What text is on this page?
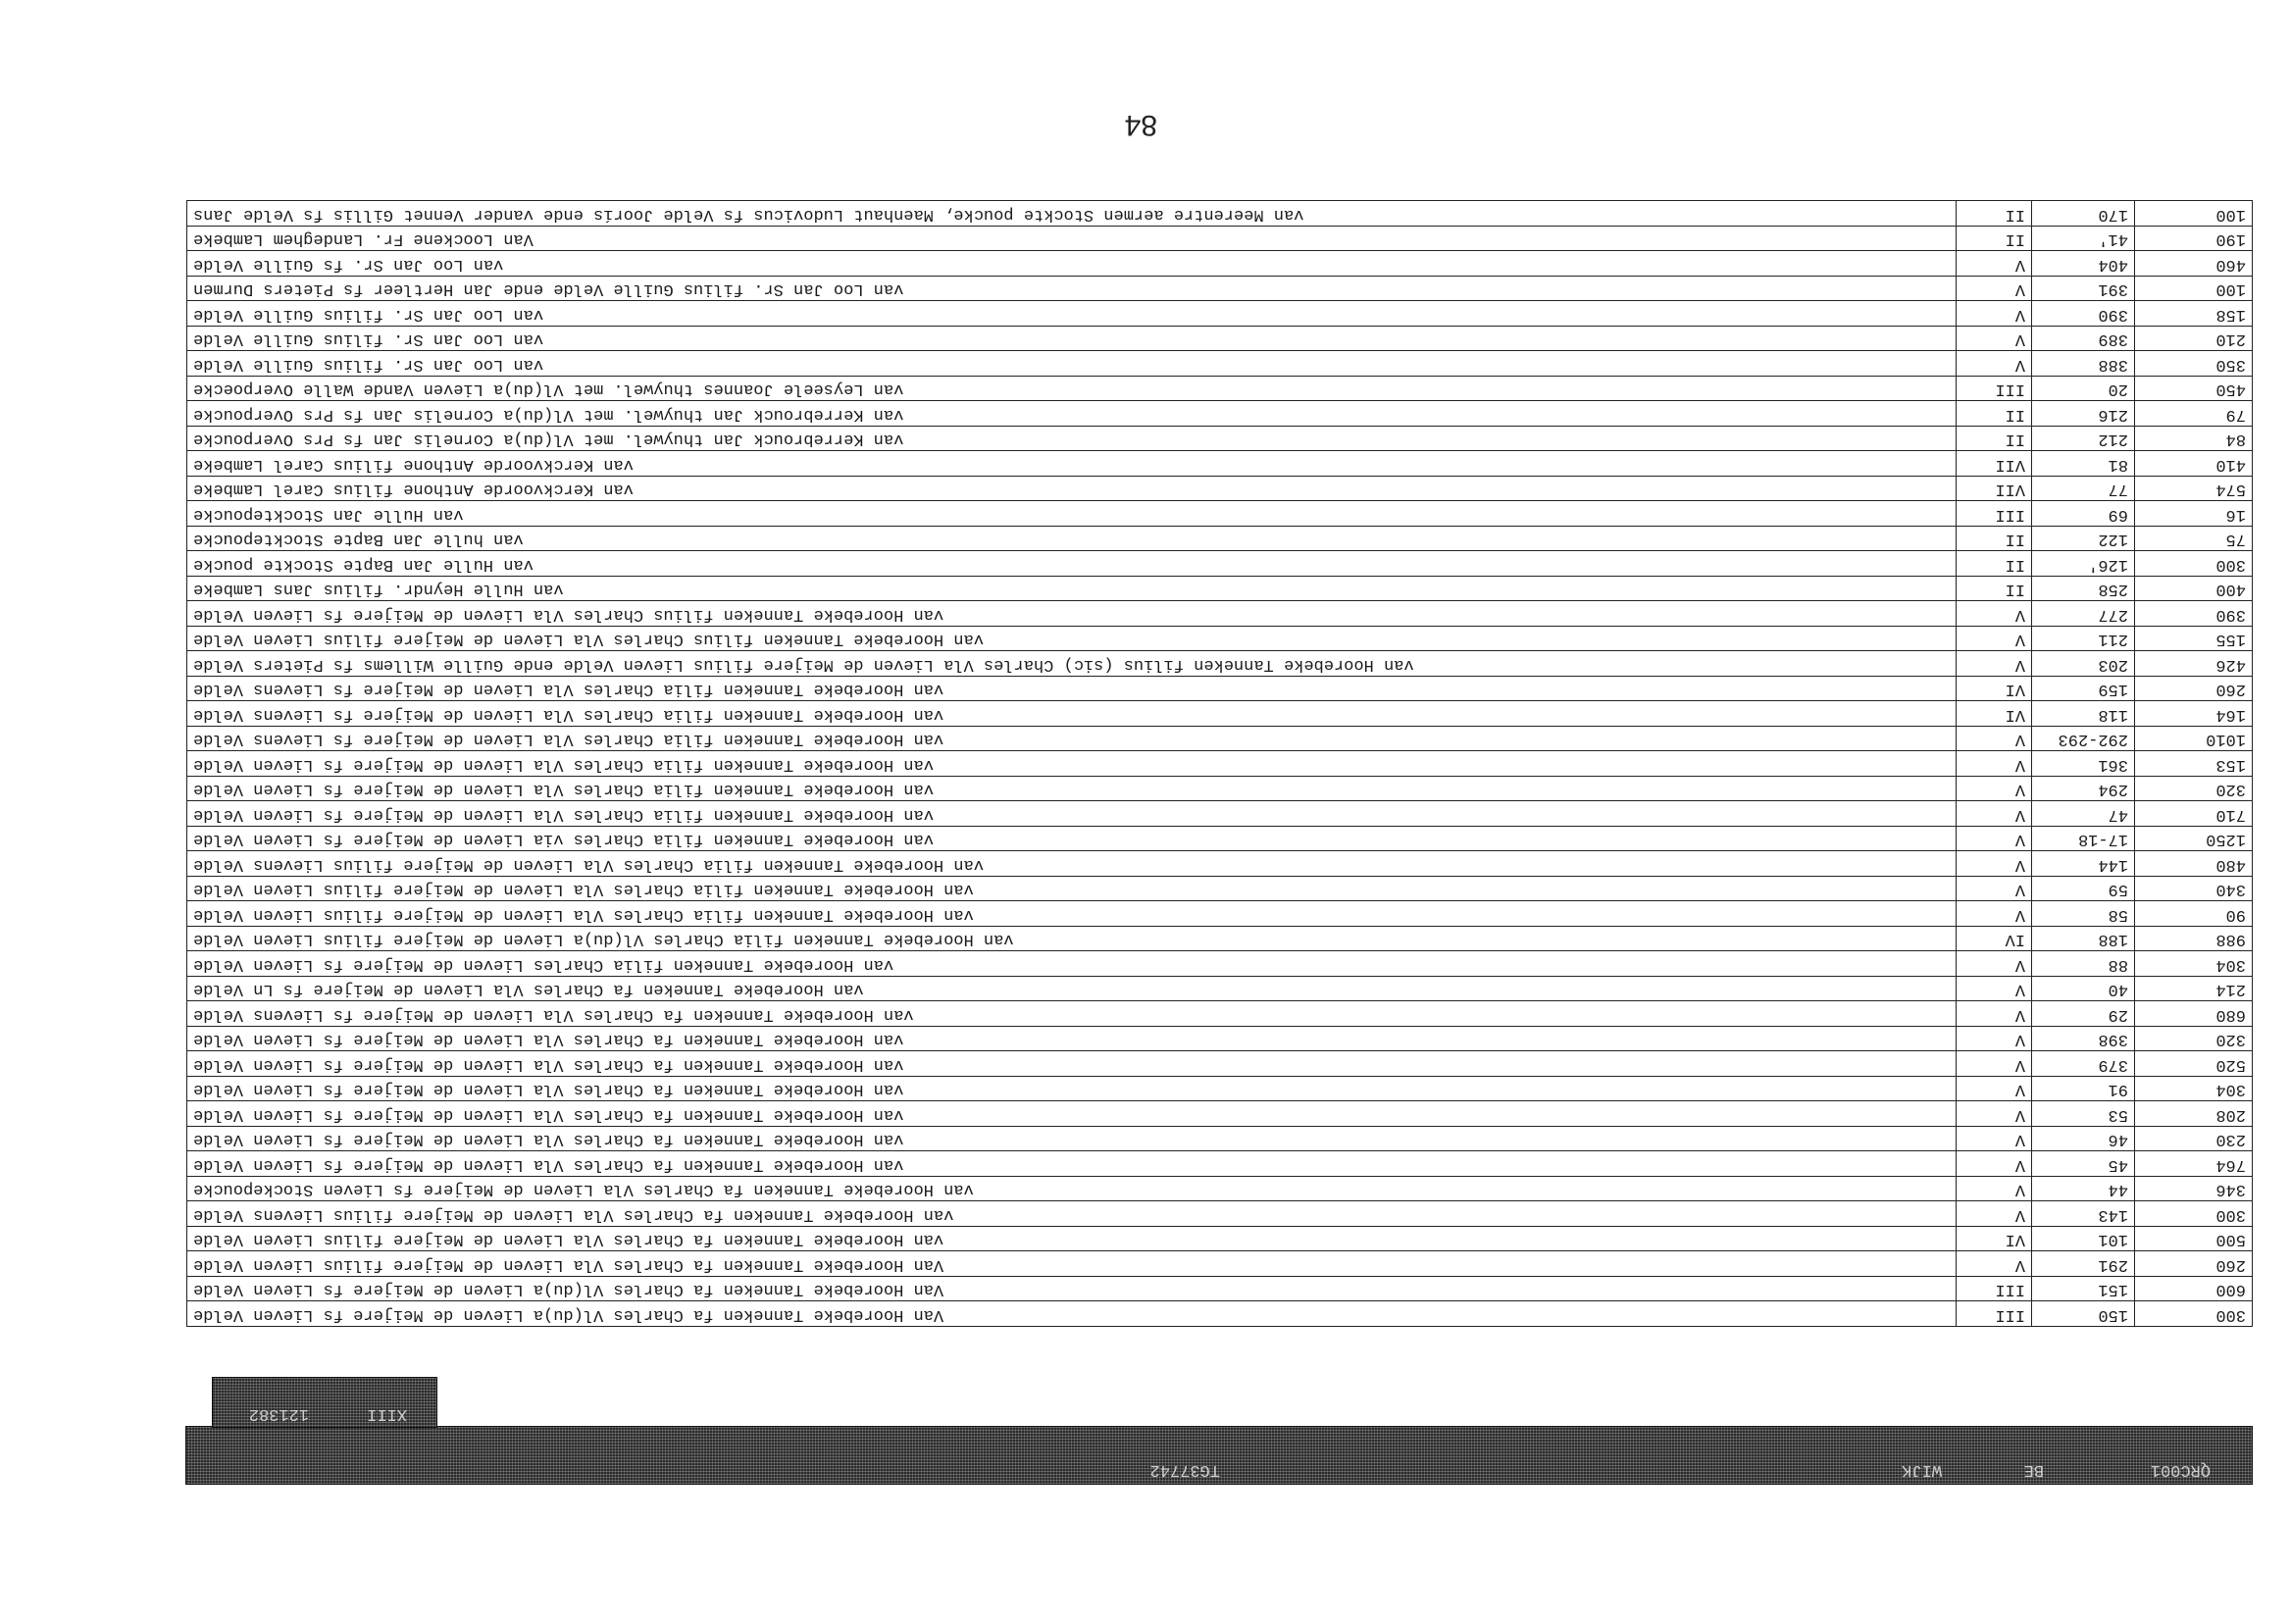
QRC001
BE
WIJK
TG37742
XIII
121382
300	150	III	Van Hoorebeke Tanneken fa Charles Vl(du)a Lieven de Meijere fs Lieven Velde
600	151	III	Van Hoorebeke Tanneken fa Charles Vl(du)a Lieven de Meijere fs Lieven Velde
260	291	V	Van Hoorebeke Tanneken fa Charles Vla Lieven de Meijere filius Lieven Velde
500	101	VI	van Hoorebeke Tanneken fa Charles Vla Lieven de Meijere filius Lieven Velde
300	143	V	van Hoorebeke Tanneken fa Charles Vla Lieven de Meijere filius Lievens Velde
346	44	V	van Hoorebeke Tanneken fa Charles Vla Lieven de Meijere fs Lieven Stockepoucke
764	45	V	van Hoorebeke Tanneken fa Charles Vla Lieven de Meijere fs Lieven Velde
230	46	V	van Hoorebeke Tanneken fa Charles Vla Lieven de Meijere fs Lieven Velde
208	53	V	van Hoorebeke Tanneken fa Charles Vla Lieven de Meijere fs Lieven Velde
304	91	V	van Hoorebeke Tanneken fa Charles Vla Lieven de Meijere fs Lieven Velde
520	379	V	van Hoorebeke Tanneken fa Charles Vla Lieven de Meijere fs Lieven Velde
320	398	V	van Hoorebeke Tanneken fa Charles Vla Lieven de Meijere fs Lieven Velde
680	29	V	van Hoorebeke Tanneken fa Charles Vla Lieven de Meijere fs Lievens Velde
214	40	V	van Hoorebeke Tanneken fa Charles Vla Lieven de Meijere fs Ln Velde
304	88	V	van Hoorebeke Tanneken filia Charles Lieven de Meijere fs Lieven Velde
988	188	IV	van Hoorebeke Tanneken filia Charles Vl(du)a Lieven de Meijere filius Lieven Velde
90	58	V	van Hoorebeke Tanneken filia Charles Vla Lieven de Meijere filius Lieven Velde
340	59	V	van Hoorebeke Tanneken filia Charles Vla Lieven de Meijere filius Lieven Velde
480	144	V	van Hoorebeke Tanneken filia Charles Vla Lieven de Meijere filius Lievens Velde
1250	17-18	V	van Hoorebeke Tanneken filia Charles via Lieven de Meijere fs Lieven Velde
710	47	V	van Hoorebeke Tanneken filia Charles Vla Lieven de Meijere fs Lieven Velde
320	294	V	van Hoorebeke Tanneken filia Charles Vla Lieven de Meijere fs Lieven Velde
153	361	V	van Hoorebeke Tanneken filia Charles Vla Lieven de Meijere fs Lieven Velde
1010	292-293	V	van Hoorebeke Tanneken filia Charles Vla Lieven de Meijere fs Lievens Velde
164	118	VI	van Hoorebeke Tanneken filia Charles Vla Lieven de Meijere fs Lievens Velde
260	159	VI	van Hoorebeke Tanneken filia Charles Vla Lieven de Meijere fs Lievens Velde
426	203	V	van Hoorebeke Tanneken filius (sic) Charles Vla Lieven de Meijere filius Lieven Velde ende Guille Willems fs Pieters Velde
155	211	V	van Hoorebeke Tanneken filius Charles Vla Lieven de Meijere filius Lieven Velde
390	277	V	van Hoorebeke Tanneken filius Charles Vla Lieven de Meijere fs Lieven Velde
400	258	II	van Hulle Heyndr. filius Jans Lambeke
300	126'	II	van Hulle Jan Bapte Stockte poucke
75	122	II	van hulle Jan Bapte Stocktepoucke
16	69	III	van Hulle Jan Stocktepoucke
574	77	VII	van Kerckvoorde Anthone filius Carel Lambeke
410	81	VII	van Kerckvoorde Anthone filius Carel Lambeke
84	212	II	van Kerrebrouck Jan thuywel. met Vl(du)a Cornelis Jan fs Prs Overpoucke
79	216	II	van Kerrebrouck Jan thuywel. met Vl(du)a Cornelis Jan fs Prs Overpoucke
450	20	III	van Leyseele Joannes thuywel. met Vl(du)a Lieven Vande Walle Overpoecke
350	388	V	van Loo Jan Sr. filius Guille Velde
210	389	V	van Loo Jan Sr. filius Guille Velde
158	390	V	van Loo Jan Sr. filius Guille Velde
100	391	V	van Loo Jan Sr. filius Guille Velde ende Jan Hertleer fs Pieters Durmen
460	404	V	van Loo Jan Sr. fs Guille Velde
190	41'	II	Van Loockene Fr. Landeghem Lambeke
100	170	II	van Meerentre aermen Stockte poucke, Maenhaut Ludovicus fs Velde Joorís ende vander Vennet Gillis fs Velde Jans
84
